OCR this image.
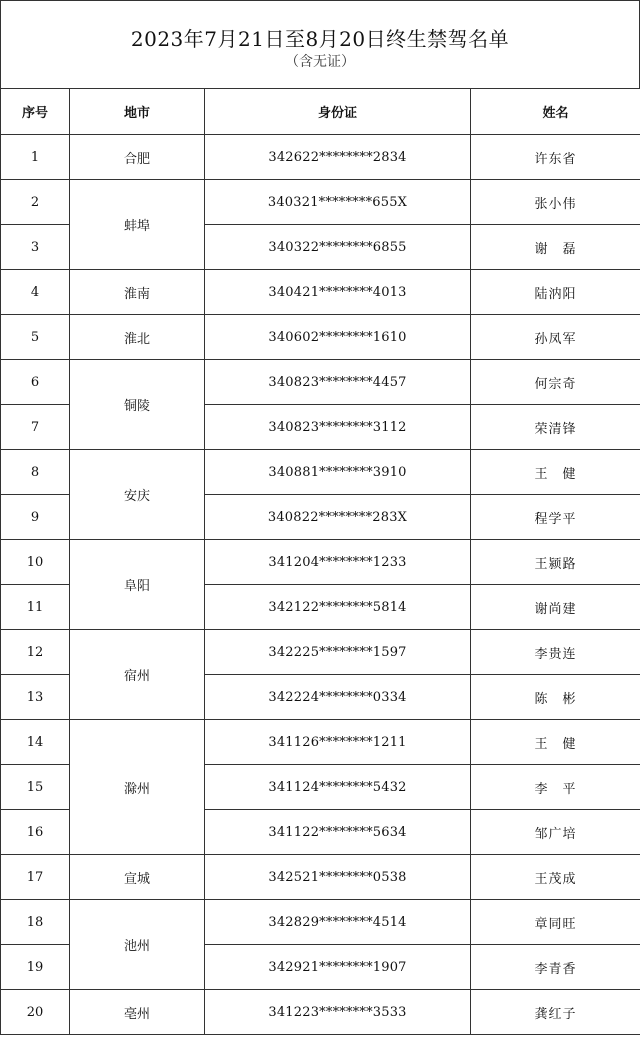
2023年7月21日至8月20日终生禁驾名单
（含无证）
序号	地市	身份证	姓名
1	合肥	342622********2834	许东省
2	蚌埠	340321********655X	张小伟
3		340322********6855	谢　磊
4	淮南	340421********4013	陆汭阳
5	淮北	340602********1610	孙凤军
6	铜陵	340823********4457	何宗奇
7		340823********3112	荣清锋
8	安庆	340881********3910	王　健
9		340822********283X	程学平
10	阜阳	341204********1233	王颍路
11		342122********5814	谢尚建
12	宿州	342225********1597	李贵连
13		342224********0334	陈　彬
14	滁州	341126********1211	王　健
15		341124********5432	李　平
16		341122********5634	邹广培
17	宣城	342521********0538	王茂成
18	池州	342829********4514	章同旺
19		342921********1907	李青香
20	亳州	341223********3533	龚红子
